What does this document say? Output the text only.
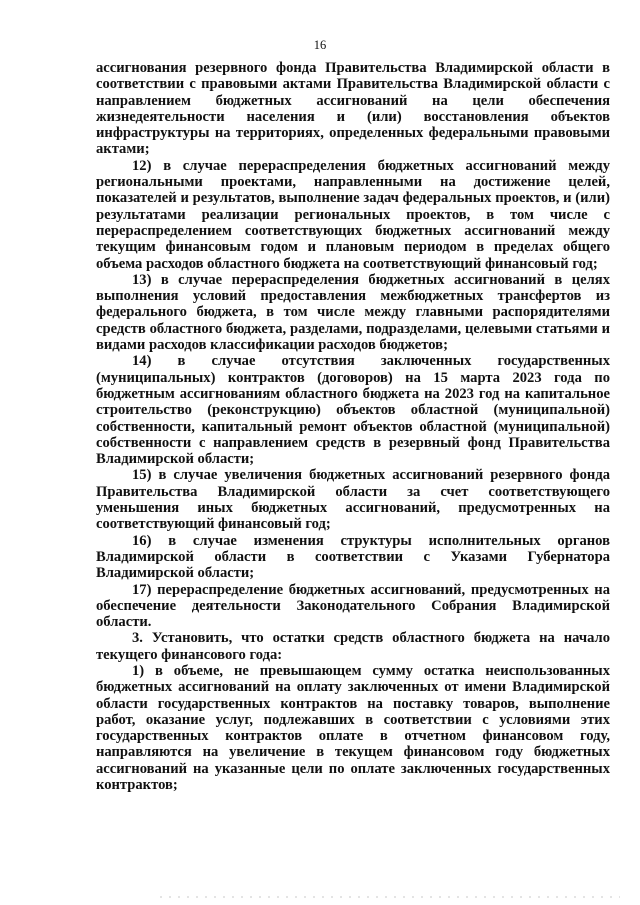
16

ассигнования резервного фонда Правительства Владимирской области в соответствии с правовыми актами Правительства Владимирской области с направлением бюджетных ассигнований на цели обеспечения жизнедеятельности населения и (или) восстановления объектов инфраструктуры на территориях, определенных федеральными правовыми актами;

12) в случае перераспределения бюджетных ассигнований между региональными проектами, направленными на достижение целей, показателей и результатов, выполнение задач федеральных проектов, и (или) результатами реализации региональных проектов, в том числе с перераспределением соответствующих бюджетных ассигнований между текущим финансовым годом и плановым периодом в пределах общего объема расходов областного бюджета на соответствующий финансовый год;

13) в случае перераспределения бюджетных ассигнований в целях выполнения условий предоставления межбюджетных трансфертов из федерального бюджета, в том числе между главными распорядителями средств областного бюджета, разделами, подразделами, целевыми статьями и видами расходов классификации расходов бюджетов;

14) в случае отсутствия заключенных государственных (муниципальных) контрактов (договоров) на 15 марта 2023 года по бюджетным ассигнованиям областного бюджета на 2023 год на капитальное строительство (реконструкцию) объектов областной (муниципальной) собственности, капитальный ремонт объектов областной (муниципальной) собственности с направлением средств в резервный фонд Правительства Владимирской области;

15) в случае увеличения бюджетных ассигнований резервного фонда Правительства Владимирской области за счет соответствующего уменьшения иных бюджетных ассигнований, предусмотренных на соответствующий финансовый год;

16) в случае изменения структуры исполнительных органов Владимирской области в соответствии с Указами Губернатора Владимирской области;

17) перераспределение бюджетных ассигнований, предусмотренных на обеспечение деятельности Законодательного Собрания Владимирской области.

3. Установить, что остатки средств областного бюджета на начало текущего финансового года:

1) в объеме, не превышающем сумму остатка неиспользованных бюджетных ассигнований на оплату заключенных от имени Владимирской области государственных контрактов на поставку товаров, выполнение работ, оказание услуг, подлежавших в соответствии с условиями этих государственных контрактов оплате в отчетном финансовом году, направляются на увеличение в текущем финансовом году бюджетных ассигнований на указанные цели по оплате заключенных государственных контрактов;
